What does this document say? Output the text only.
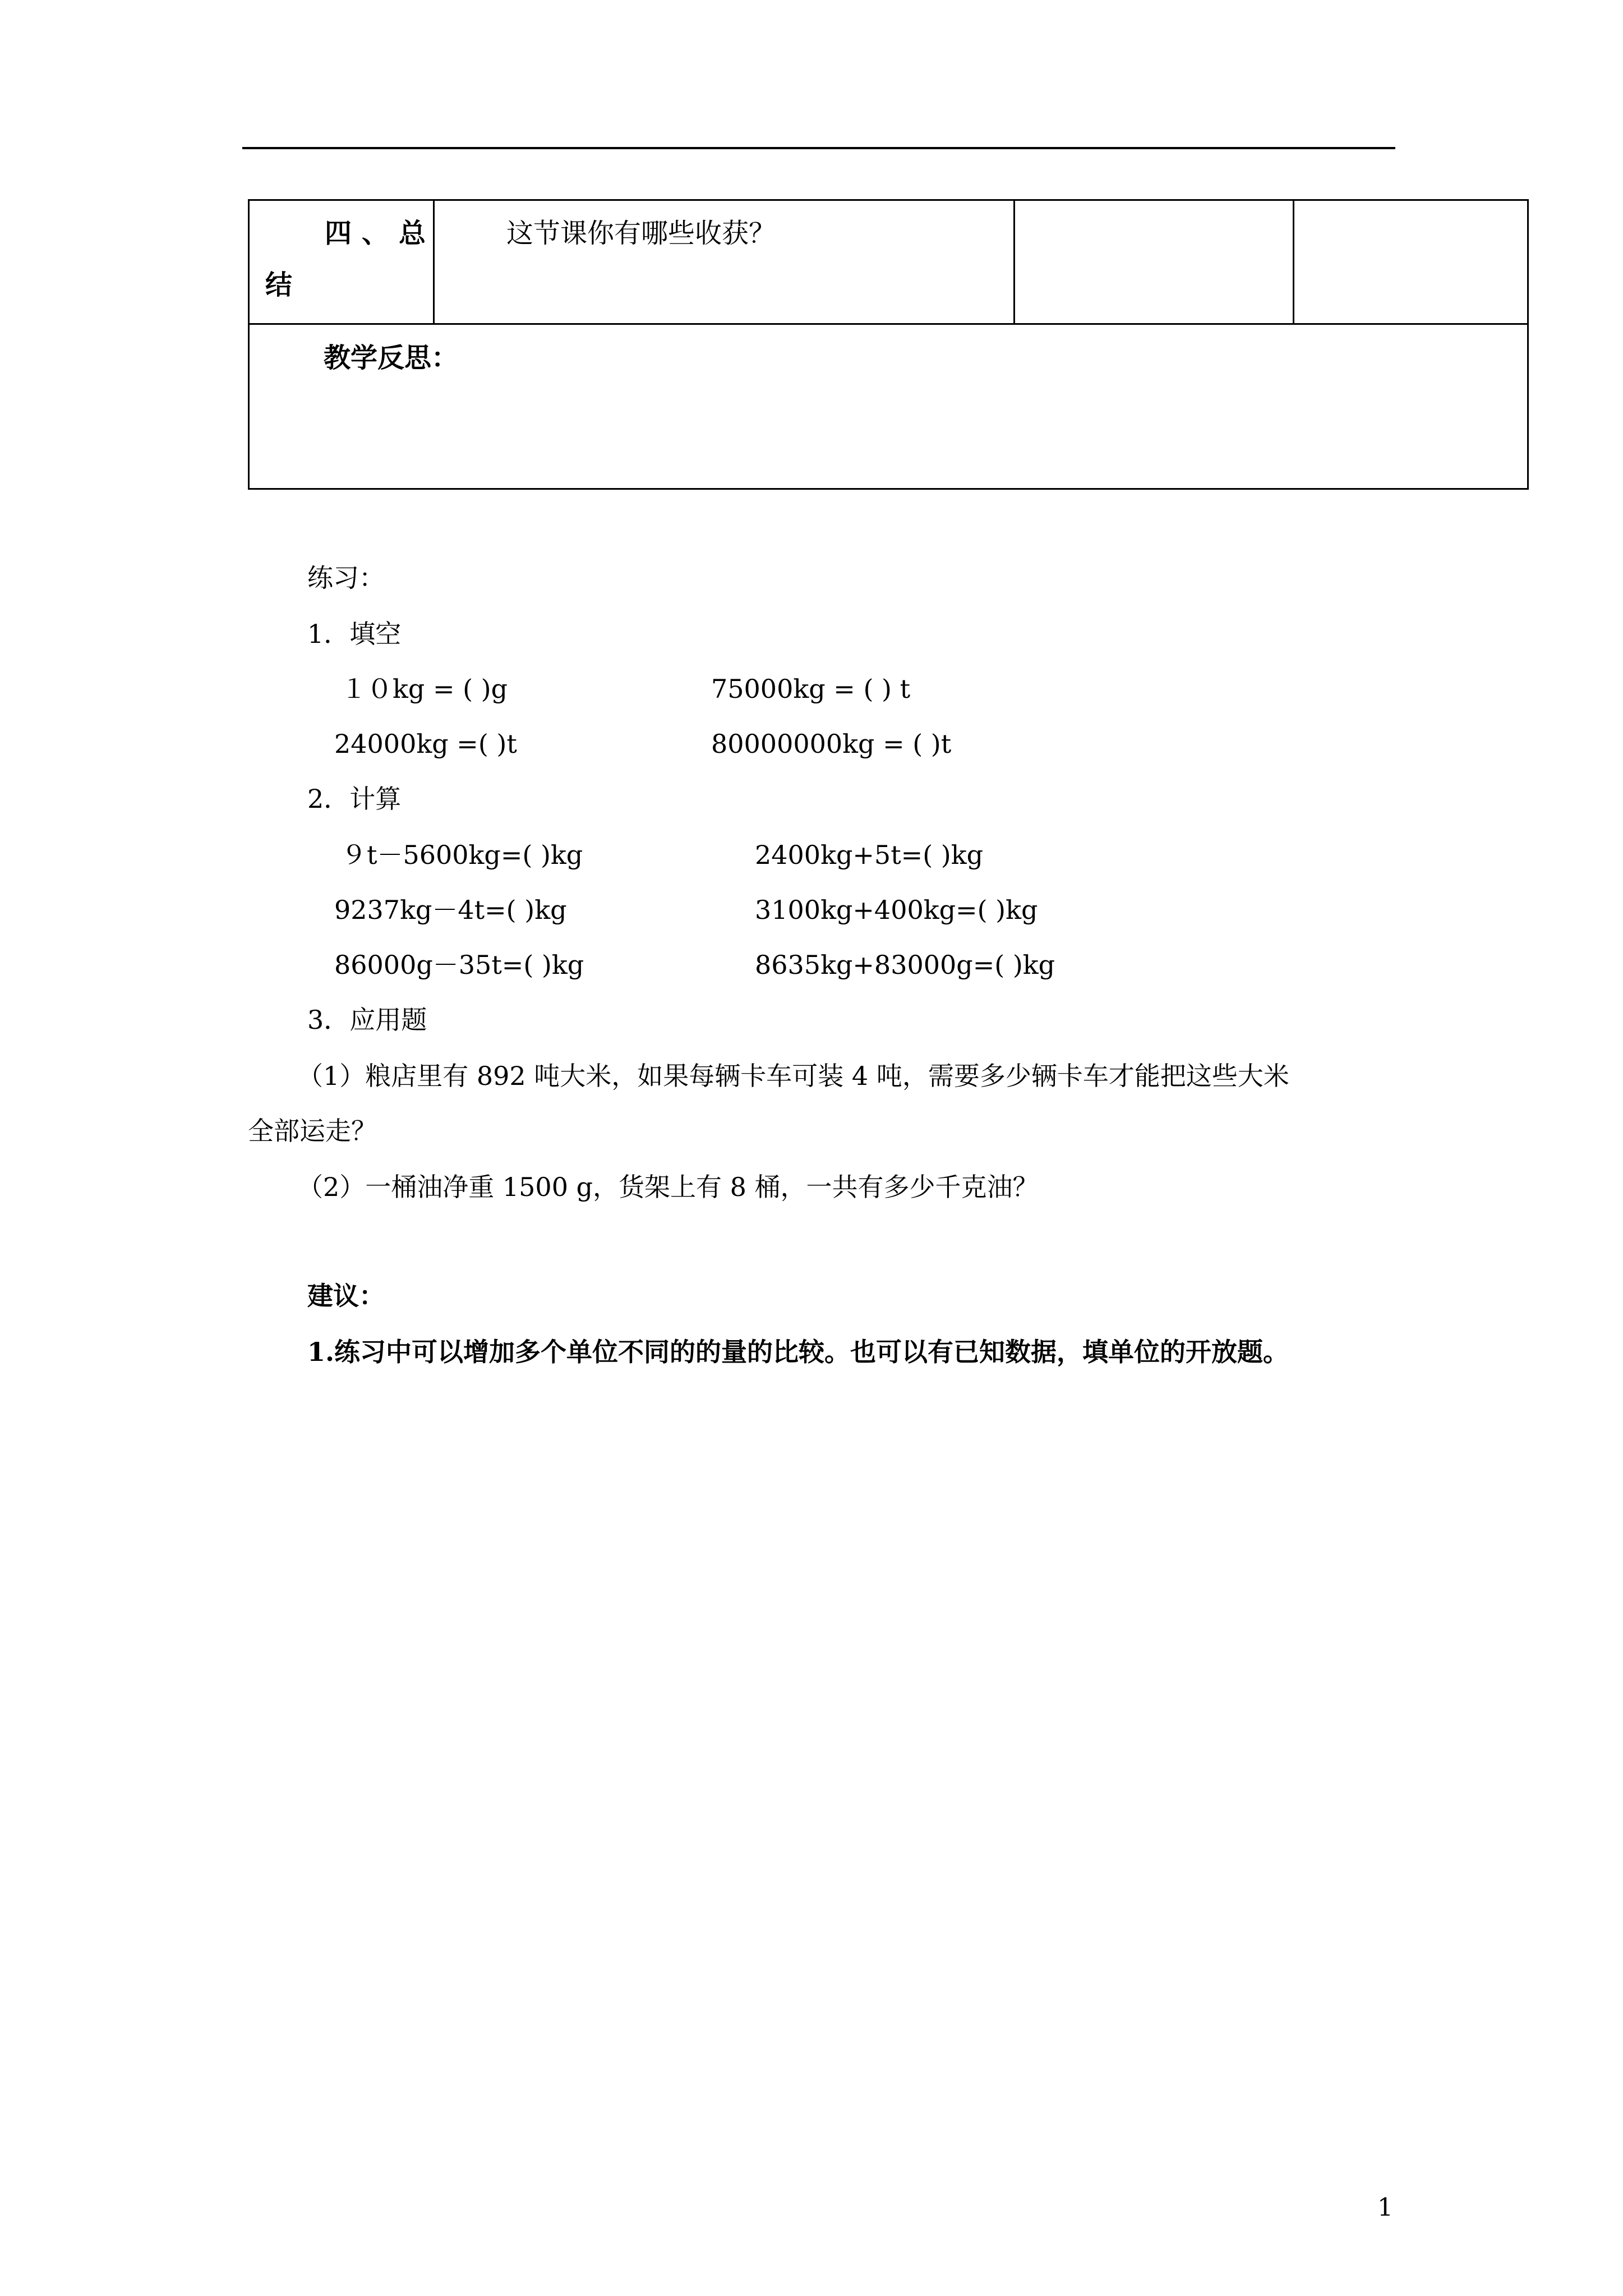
四、总
结
这节课你有哪些收获？
教学反思：
练习：
1．填空
１０kg = ( )g	75000kg = ( ) t
24000kg =( )t	80000000kg = ( )t
2．计算
９t－5600kg=( )kg	2400kg+5t=( )kg
9237kg－4t=( )kg	3100kg+400kg=( )kg
86000g－35t=( )kg	8635kg+83000g=( )kg
3．应用题
（1）粮店里有 892 吨大米，如果每辆卡车可装 4 吨，需要多少辆卡车才能把这些大米
全部运走？
（2）一桶油净重 1500 g，货架上有 8 桶，一共有多少千克油？
建议：
1.练习中可以增加多个单位不同的的量的比较。也可以有已知数据，填单位的开放题。
1
